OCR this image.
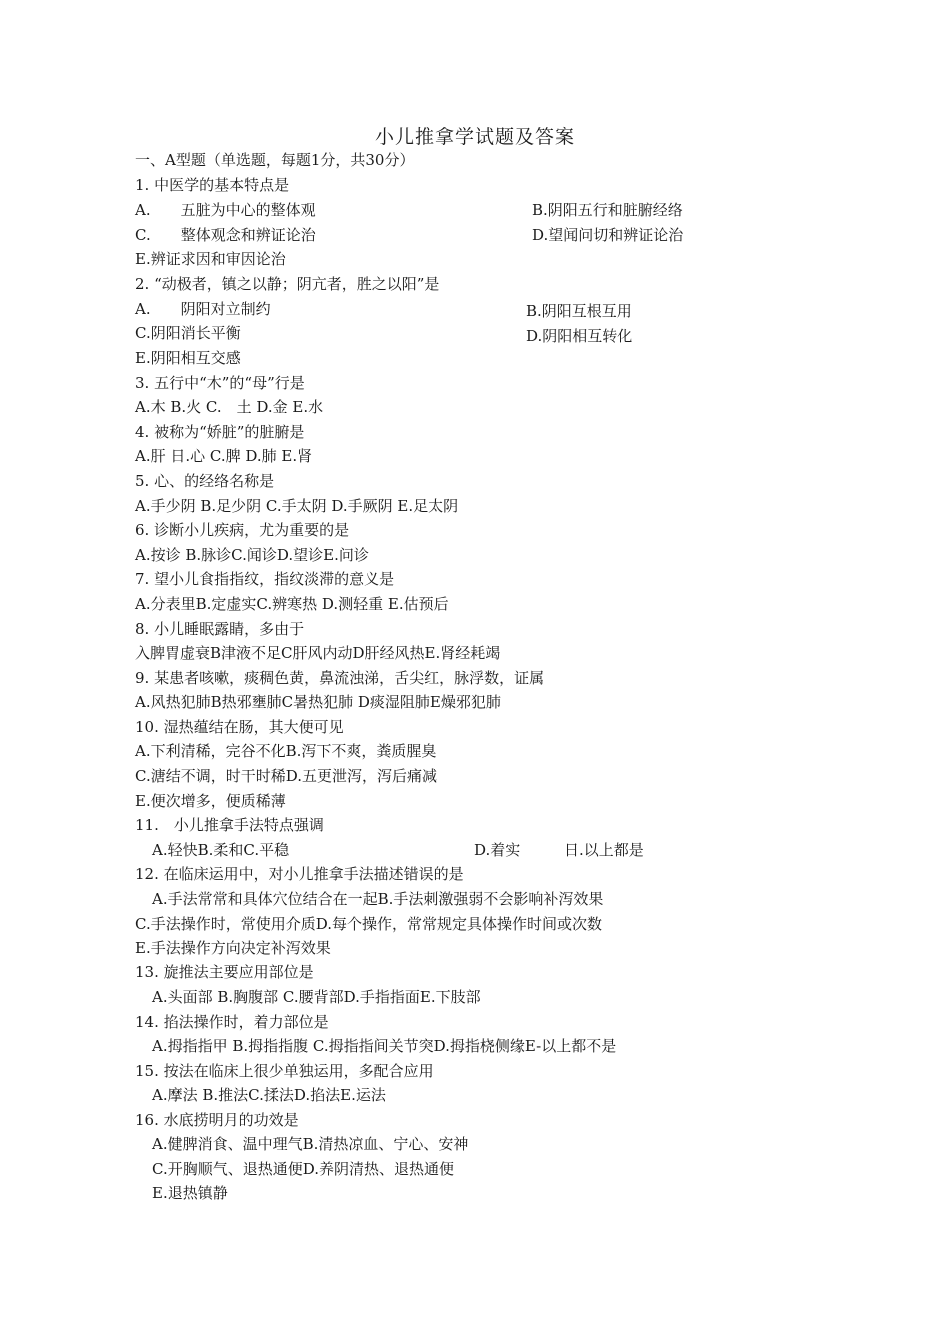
小儿推拿学试题及答案
一、A型题（单选题，每题1分，共30分）
1. 中医学的基本特点是
A.　　五脏为中心的整体观	B.阴阳五行和脏腑经络
C.　　整体观念和辨证论治	D.望闻问切和辨证论治
E.辨证求因和审因论治
2. “动极者，镇之以静；阴亢者，胜之以阳”是
A.　　阴阳对立制约	B.阴阳互根互用
C.阴阳消长平衡	D.阴阳相互转化
E.阴阳相互交感
3. 五行中“木”的“母”行是
A.木 B.火 C.　土 D.金 E.水
4. 被称为“娇脏”的脏腑是
A.肝 日.心 C.脾 D.肺 E.肾
5. 心、的经络名称是
A.手少阴 B.足少阴 C.手太阴 D.手厥阴 E.足太阴
6. 诊断小儿疾病，尤为重要的是
A.按诊 B.脉诊C.闻诊D.望诊E.问诊
7. 望小儿食指指纹，指纹淡滞的意义是
A.分表里B.定虚实C.辨寒热 D.测轻重 E.估预后
8. 小儿睡眠露睛，多由于
入脾胃虚衰B津液不足C肝风内动D肝经风热E.肾经耗竭
9. 某患者咳嗽，痰稠色黄，鼻流浊涕，舌尖红，脉浮数，证属
A.风热犯肺B热邪壅肺C暑热犯肺 D痰湿阻肺E燥邪犯肺
10. 湿热蕴结在肠，其大便可见
A.下利清稀，完谷不化B.泻下不爽，粪质腥臭
C.溏结不调，时干时稀D.五更泄泻，泻后痛减
E.便次增多，便质稀薄
11.　小儿推拿手法特点强调
A.轻快B.柔和C.平稳	D.着实	日.以上都是
12. 在临床运用中，对小儿推拿手法描述错误的是
A.手法常常和具体穴位结合在一起B.手法刺激强弱不会影响补泻效果
C.手法操作时，常使用介质D.每个操作，常常规定具体操作时间或次数
E.手法操作方向决定补泻效果
13. 旋推法主要应用部位是
A.头面部 B.胸腹部 C.腰背部D.手指指面E.下肢部
14. 掐法操作时，着力部位是
A.拇指指甲 B.拇指指腹 C.拇指指间关节突D.拇指桡侧缘E-以上都不是
15. 按法在临床上很少单独运用，多配合应用
A.摩法 B.推法C.揉法D.掐法E.运法
16. 水底捞明月的功效是
A.健脾消食、温中理气B.清热凉血、宁心、安神
C.开胸顺气、退热通便D.养阴清热、退热通便
E.退热镇静
